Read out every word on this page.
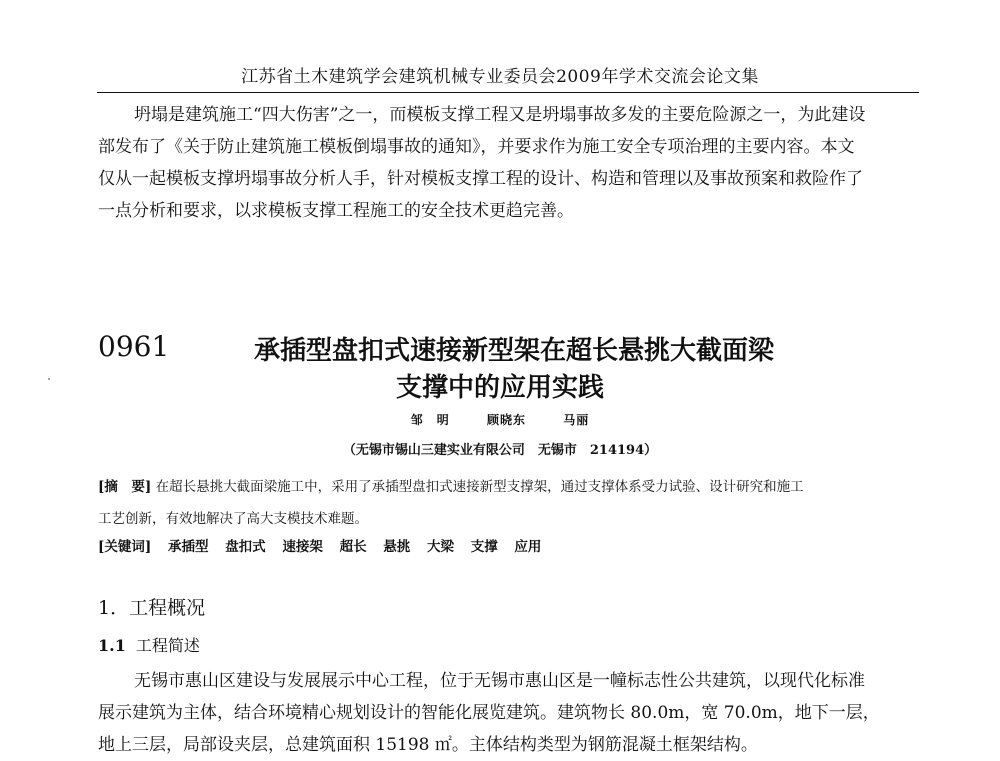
江苏省土木建筑学会建筑机械专业委员会2009年学术交流会论文集
坍塌是建筑施工“四大伤害”之一，而模板支撑工程又是坍塌事故多发的主要危险源之一，为此建设
部发布了《关于防止建筑施工模板倒塌事故的通知》，并要求作为施工安全专项治理的主要内容。本文
仅从一起模板支撑坍塌事故分析人手，针对模板支撑工程的设计、构造和管理以及事故预案和救险作了
一点分析和要求，以求模板支撑工程施工的安全技术更趋完善。
0961	承插型盘扣式速接新型架在超长悬挑大截面梁
支撑中的应用实践
邹　明	顾晓东	马丽
（无锡市锡山三建实业有限公司　无锡市　214194）
[摘　要] 在超长悬挑大截面梁施工中，采用了承插型盘扣式速接新型支撑架，通过支撑体系受力试验、设计研究和施工
工艺创新，有效地解决了高大支模技术难题。
[关键词] 承插型 盘扣式 速接架 超长 悬挑 大梁 支撑 应用
1．工程概况
1.1 工程简述
无锡市惠山区建设与发展展示中心工程，位于无锡市惠山区是一幢标志性公共建筑，以现代化标准
展示建筑为主体，结合环境精心规划设计的智能化展览建筑。建筑物长 80.0m，宽 70.0m，地下一层，
地上三层，局部设夹层，总建筑面积 15198 ㎡。主体结构类型为钢筋混凝土框架结构。
